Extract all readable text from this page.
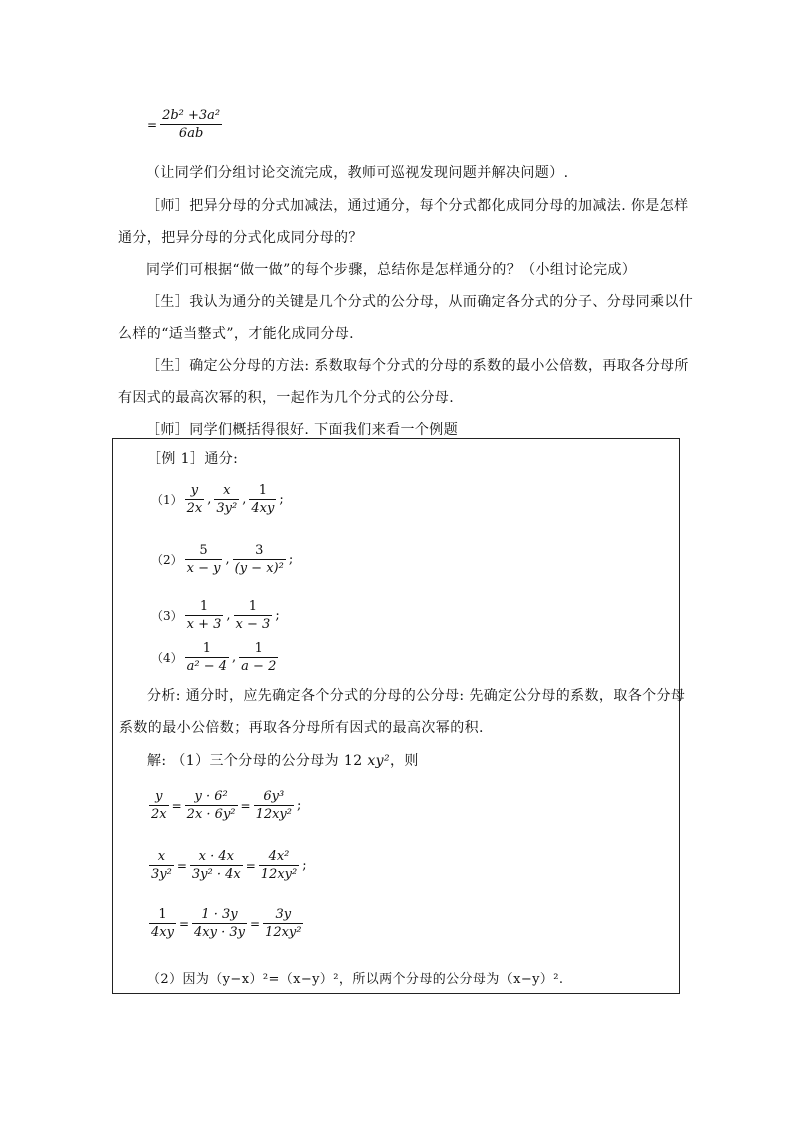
= $\frac{\text{2b² +3a²}}{6ab}$
（让同学们分组讨论交流完成，教师可巡视发现问题并解决问题）.
［师］把异分母的分式加减法，通过通分，每个分式都化成同分母的加减法. 你是怎样
通分，把异分母的分式化成同分母的？
同学们可根据“做一做”的每个步骤，总结你是怎样通分的？（小组讨论完成）
［生］我认为通分的关键是几个分式的公分母，从而确定各分式的分子、分母同乘以什
么样的“适当整式”，才能化成同分母.
［生］确定公分母的方法: 系数取每个分式的分母的系数的最小公倍数，再取各分母所
有因式的最高次幂的积，一起作为几个分式的公分母.
［师］同学们概括得很好. 下面我们来看一个例题
［例 1］通分:
$(1) \frac{y}{2x}$ , $\frac{x}{\text{3y²}}$ , $\frac{1}{4xy}$ ;
$(2) \frac{5}{x - y}$ , $\frac{3}{\text{(y − x)²}}$ ;
$(3) \frac{1}{x + 3}$ , $\frac{1}{x - 3}$ ;
$(4) \frac{1}{\text{a² − 4}}$ , $\frac{1}{a - 2}$
分析: 通分时，应先确定各个分式的分母的公分母: 先确定公分母的系数，取各个分母
系数的最小公倍数；再取各分母所有因式的最高次幂的积.
解: （1）三个分母的公分母为 12 xy²，则
$\frac{y}{2x} = \frac{\text{y · 6²}}{\text{2x · 6y²}} = \frac{\text{6y³}}{\text{12xy²}}$ ;
$\frac{x}{\text{3y²}} = \frac{x \cdot 4x}{\text{3y² · 4x}} = \frac{\text{4x²}}{\text{12xy²}}$ ;
$\frac{1}{4xy} = \frac{1 \cdot 3y}{4xy \cdot 3y} = \frac{3y}{\text{12xy²}}$
（2）因为（y−x）²=（x−y）²，所以两个分母的公分母为（x−y）².
